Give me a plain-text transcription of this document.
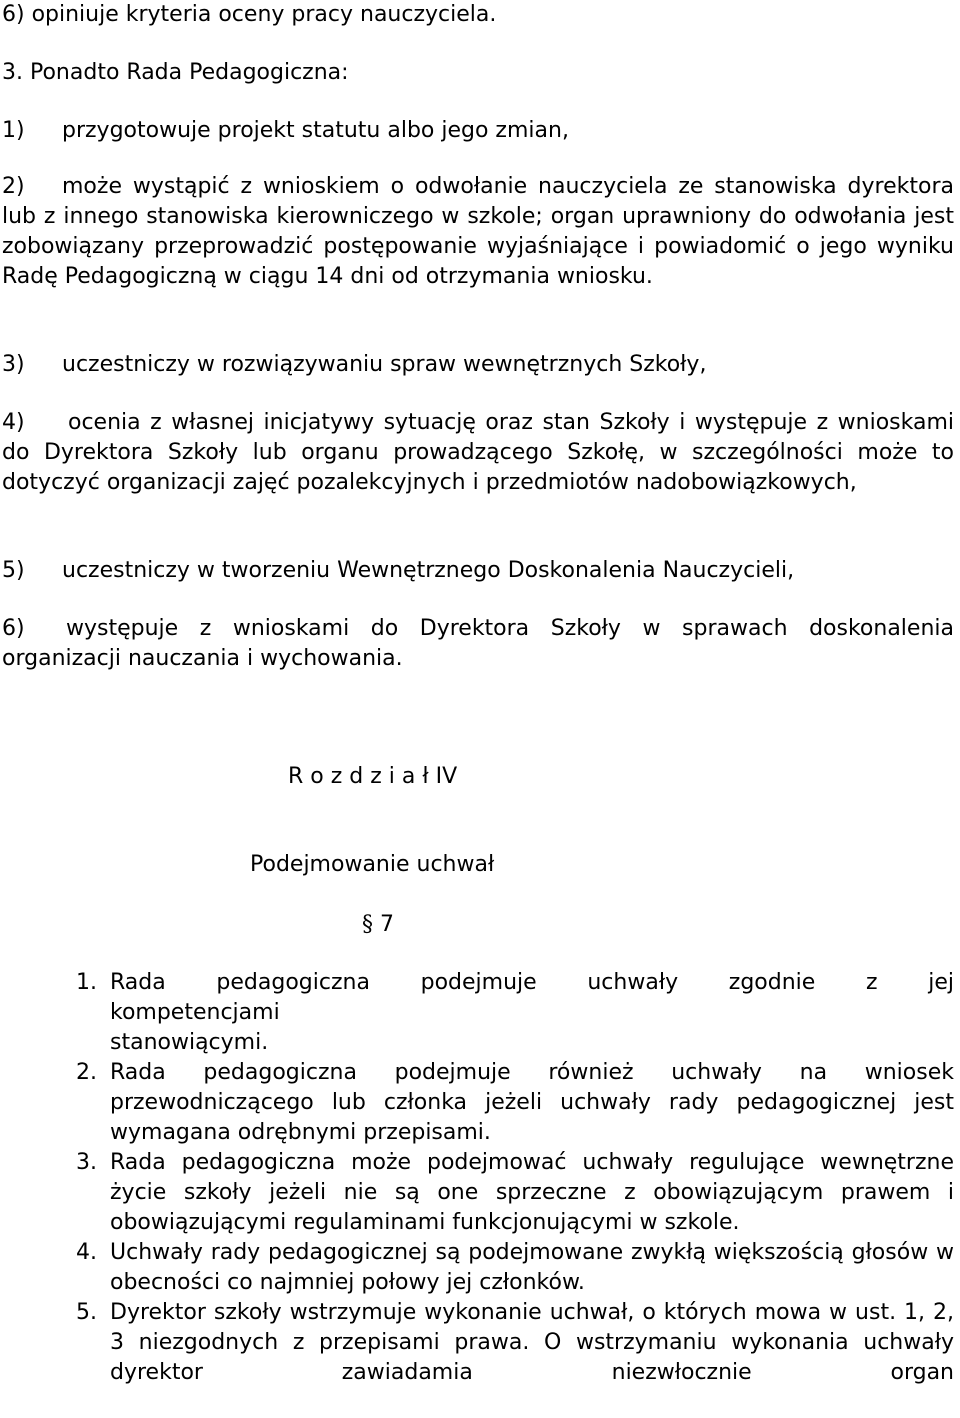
6) opiniuje kryteria oceny pracy nauczyciela.
3. Ponadto Rada Pedagogiczna:
1) przygotowuje projekt statutu albo jego zmian,
2) może wystąpić z wnioskiem o odwołanie nauczyciela ze stanowiska dyrektora lub z innego stanowiska kierowniczego w szkole; organ uprawniony do odwołania jest zobowiązany przeprowadzić postępowanie wyjaśniające i powiadomić o jego wyniku Radę Pedagogiczną w ciągu 14 dni od otrzymania wniosku.
3) uczestniczy w rozwiązywaniu spraw wewnętrznych Szkoły,
4) ocenia z własnej inicjatywy sytuację oraz stan Szkoły i występuje z wnioskami do Dyrektora Szkoły lub organu prowadzącego Szkołę, w szczególności może to dotyczyć organizacji zajęć pozalekcyjnych i przedmiotów nadobowiązkowych,
5) uczestniczy w tworzeniu Wewnętrznego Doskonalenia Nauczycieli,
6) występuje z wnioskami do Dyrektora Szkoły w sprawach doskonalenia organizacji nauczania i wychowania.
R o z d z i a ł IV
Podejmowanie uchwał
§ 7
1. Rada pedagogiczna podejmuje uchwały zgodnie z jej
kompetencjami
stanowiącymi.
2. Rada pedagogiczna podejmuje również uchwały na wniosek przewodniczącego lub członka jeżeli uchwały rady pedagogicznej jest wymagana odrębnymi przepisami.
3. Rada pedagogiczna może podejmować uchwały regulujące wewnętrzne życie szkoły jeżeli nie są one sprzeczne z obowiązującym prawem i obowiązującymi regulaminami funkcjonującymi w szkole.
4. Uchwały rady pedagogicznej są podejmowane zwykłą większością głosów w obecności co najmniej połowy jej członków.
5. Dyrektor szkoły wstrzymuje wykonanie uchwał, o których mowa w ust. 1, 2, 3 niezgodnych z przepisami prawa. O wstrzymaniu wykonania uchwały dyrektor zawiadamia niezwłocznie organ
